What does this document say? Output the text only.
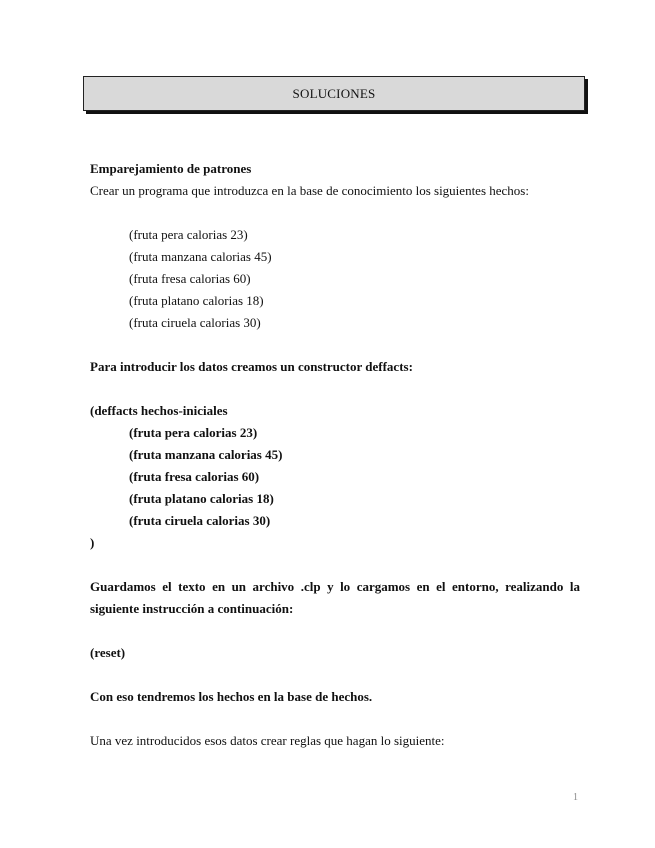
SOLUCIONES
Emparejamiento de patrones
Crear un programa que introduzca en la base de conocimiento los siguientes hechos:
(fruta pera calorias 23)
(fruta manzana calorias 45)
(fruta fresa calorias 60)
(fruta platano calorias 18)
(fruta ciruela calorias 30)
Para introducir los datos creamos un constructor deffacts:
(deffacts hechos-iniciales
(fruta pera calorias 23)
(fruta manzana calorias 45)
(fruta fresa calorias 60)
(fruta platano calorias 18)
(fruta ciruela calorias 30)
)
Guardamos el texto en un archivo .clp y lo cargamos en el entorno, realizando la
siguiente instrucción a continuación:
(reset)
Con eso tendremos los hechos en la base de hechos.
Una vez introducidos esos datos crear reglas que hagan lo siguiente:
1
